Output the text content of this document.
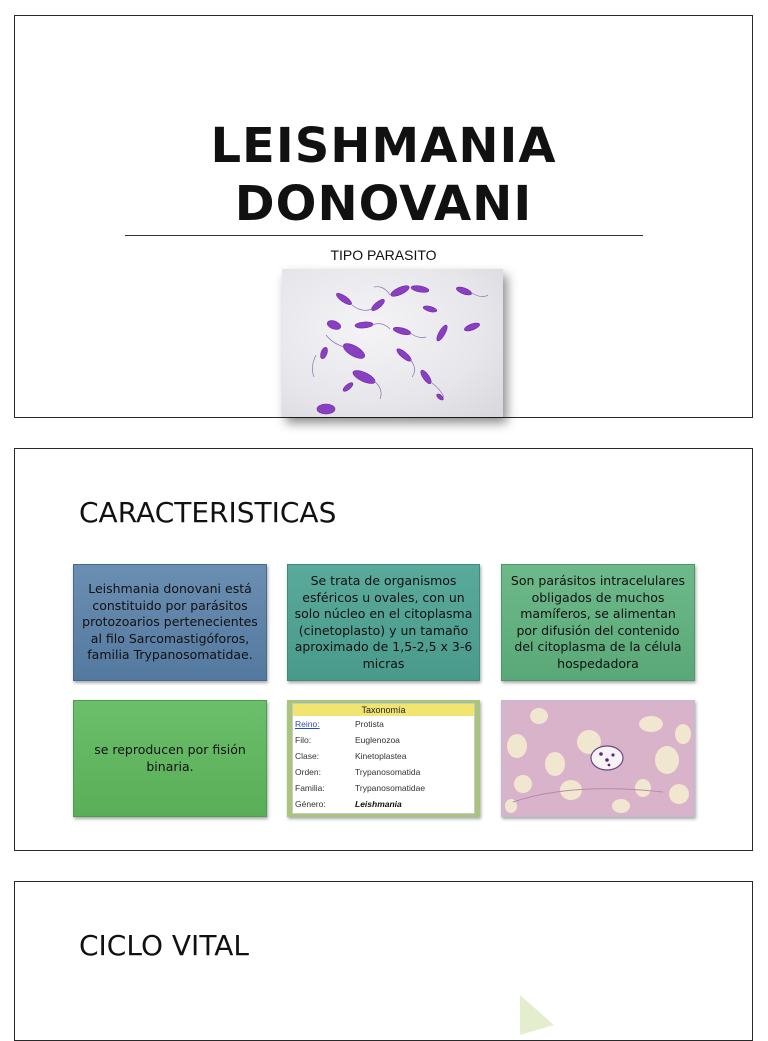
LEISHMANIA
DONOVANI
TIPO PARASITO
CARACTERISTICAS
Leishmania donovani está constituido por parásitos protozoarios pertenecientes al filo Sarcomastigóforos, familia Trypanosomatidae.
Se trata de organismos esféricos u ovales, con un solo núcleo en el citoplasma (cinetoplasto) y un tamaño aproximado de 1,5-2,5 x 3-6 micras
Son parásitos intracelulares obligados de muchos mamíferos, se alimentan por difusión del contenido del citoplasma de la célula hospedadora
se reproducen por fisión binaria.
Taxonomía
Reino:	Protista
Filo:	Euglenozoa
Clase:	Kinetoplastea
Orden:	Trypanosomatida
Familia:	Trypanosomatidae
Género:	Leishmania
CICLO VITAL
